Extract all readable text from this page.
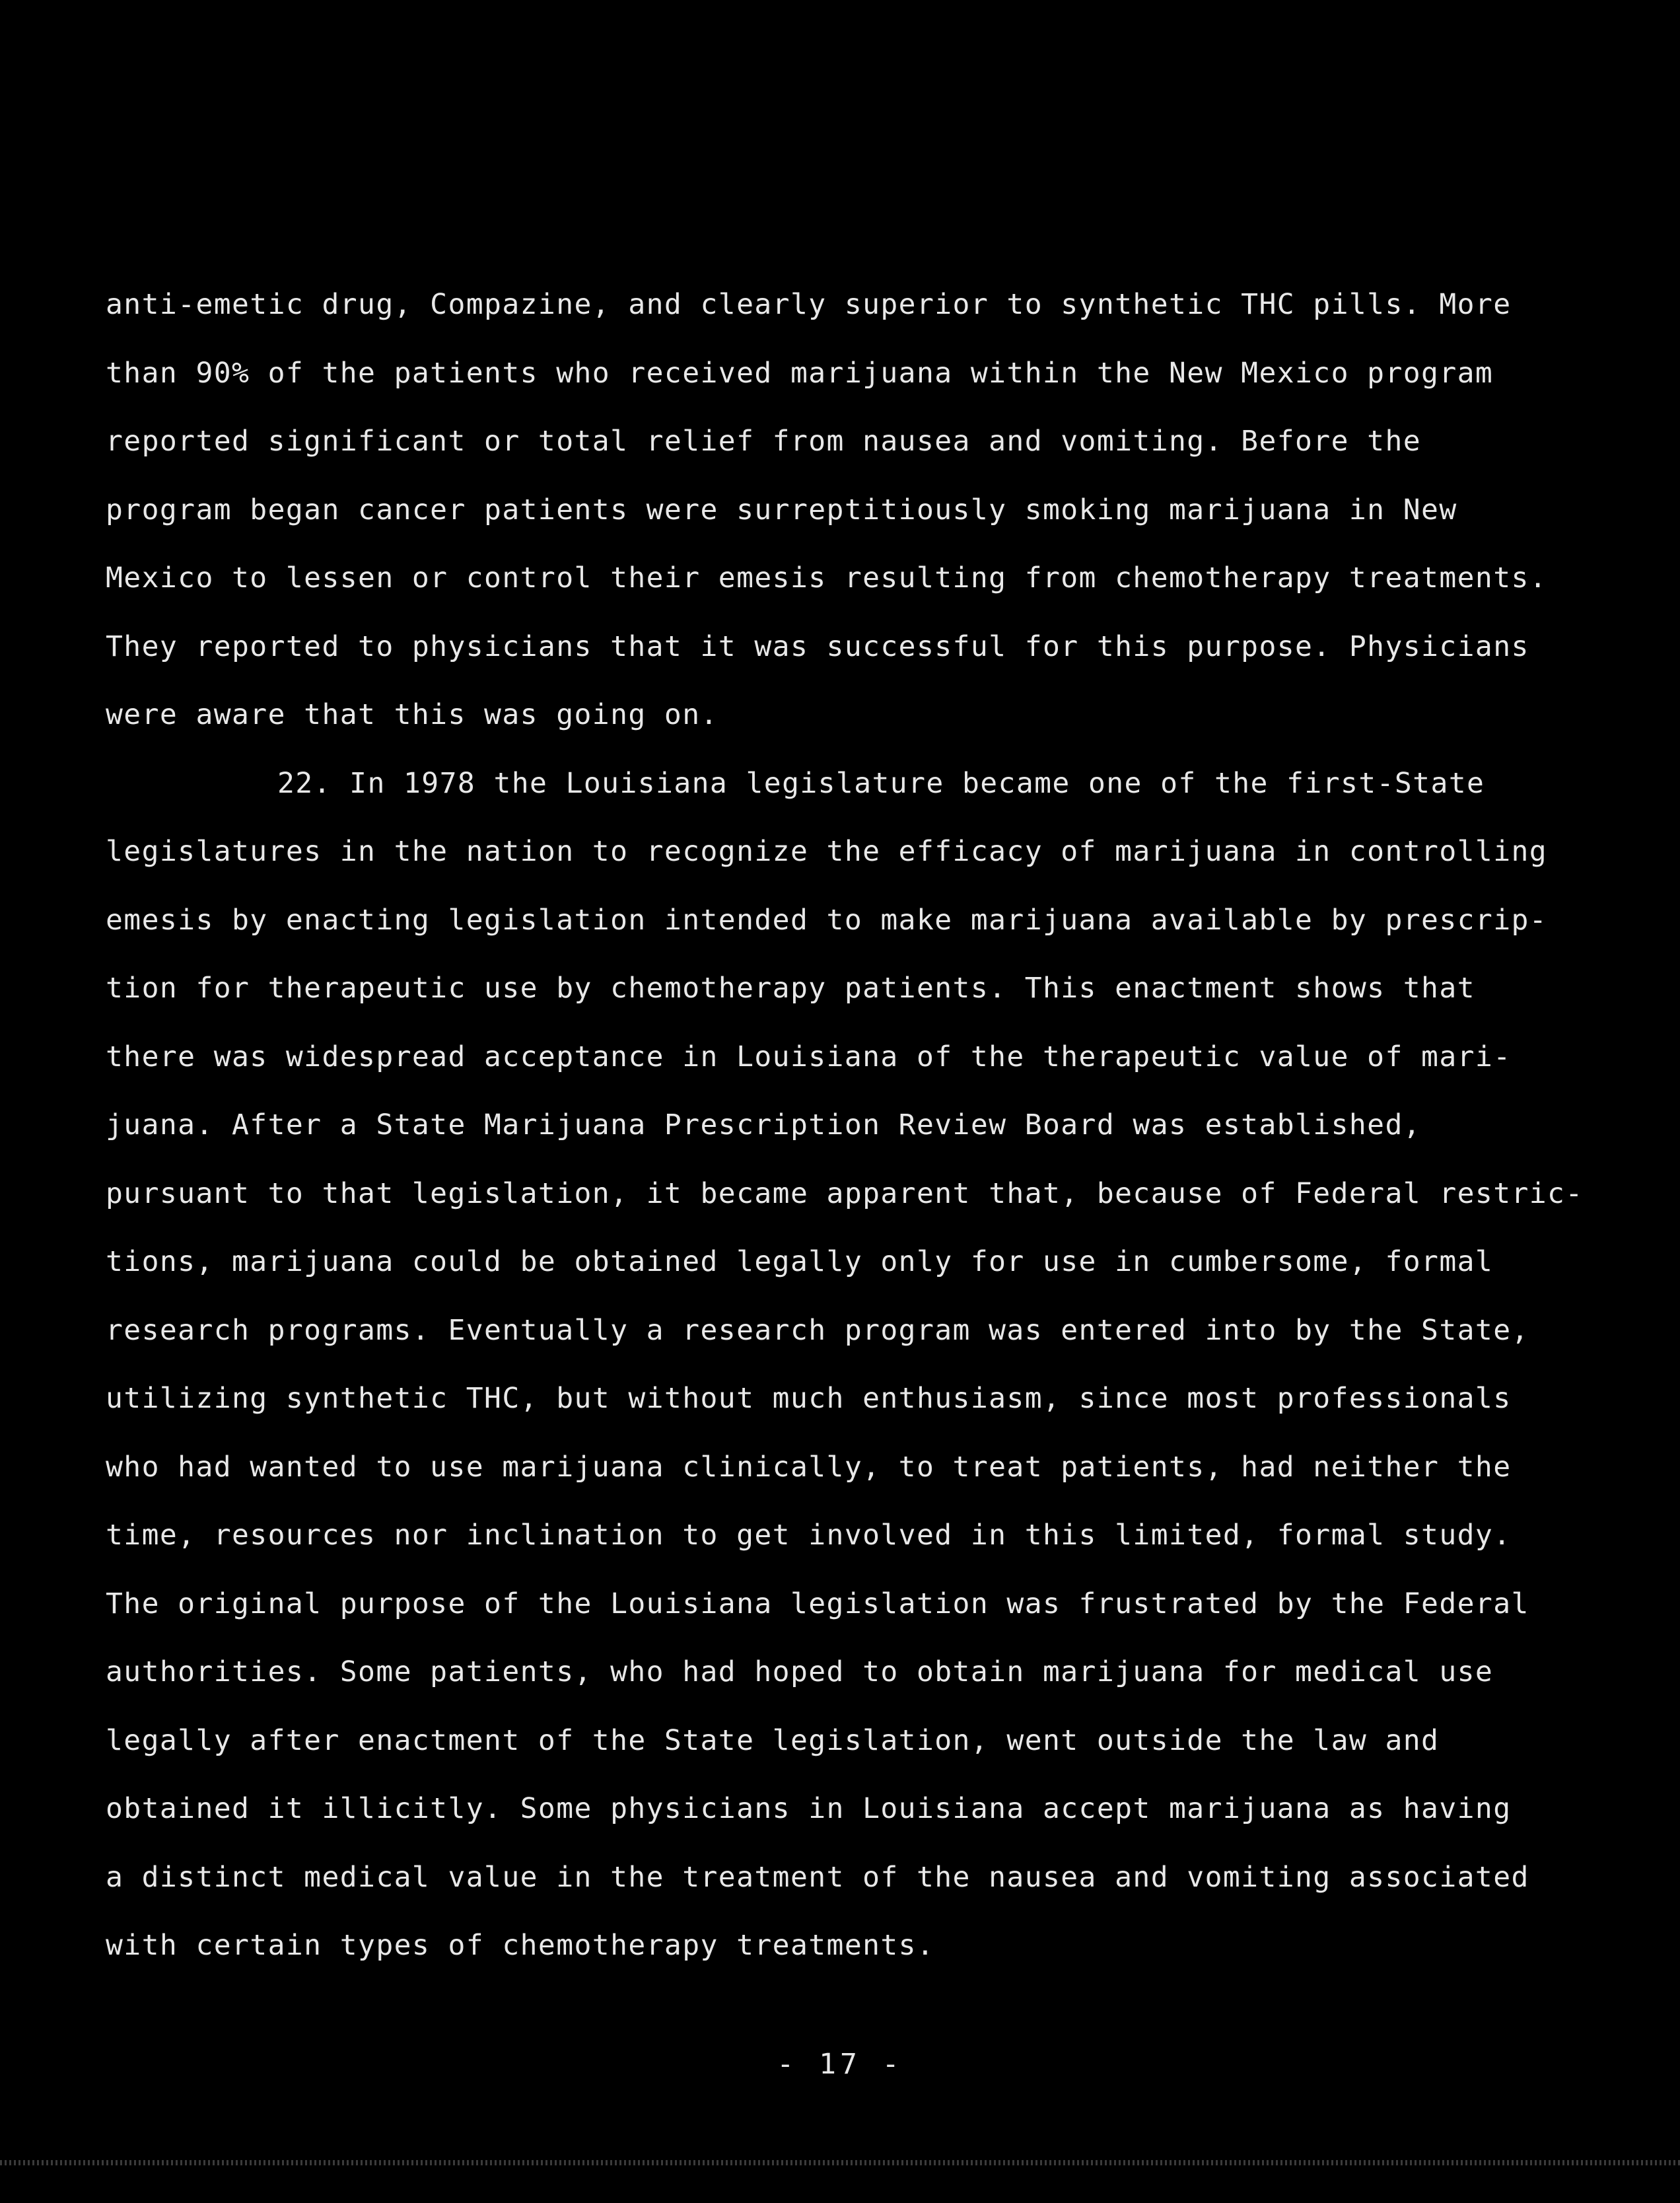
anti-emetic drug, Compazine, and clearly superior to synthetic THC pills. More
than 90% of the patients who received marijuana within the New Mexico program
reported significant or total relief from nausea and vomiting. Before the
program began cancer patients were surreptitiously smoking marijuana in New
Mexico to lessen or control their emesis resulting from chemotherapy treatments.
They reported to physicians that it was successful for this purpose. Physicians
were aware that this was going on.
22. In 1978 the Louisiana legislature became one of the first-State
legislatures in the nation to recognize the efficacy of marijuana in controlling
emesis by enacting legislation intended to make marijuana available by prescrip-
tion for therapeutic use by chemotherapy patients. This enactment shows that
there was widespread acceptance in Louisiana of the therapeutic value of mari-
juana. After a State Marijuana Prescription Review Board was established,
pursuant to that legislation, it became apparent that, because of Federal restric-
tions, marijuana could be obtained legally only for use in cumbersome, formal
research programs. Eventually a research program was entered into by the State,
utilizing synthetic THC, but without much enthusiasm, since most professionals
who had wanted to use marijuana clinically, to treat patients, had neither the
time, resources nor inclination to get involved in this limited, formal study.
The original purpose of the Louisiana legislation was frustrated by the Federal
authorities. Some patients, who had hoped to obtain marijuana for medical use
legally after enactment of the State legislation, went outside the law and
obtained it illicitly. Some physicians in Louisiana accept marijuana as having
a distinct medical value in the treatment of the nausea and vomiting associated
with certain types of chemotherapy treatments.
- 17 -
